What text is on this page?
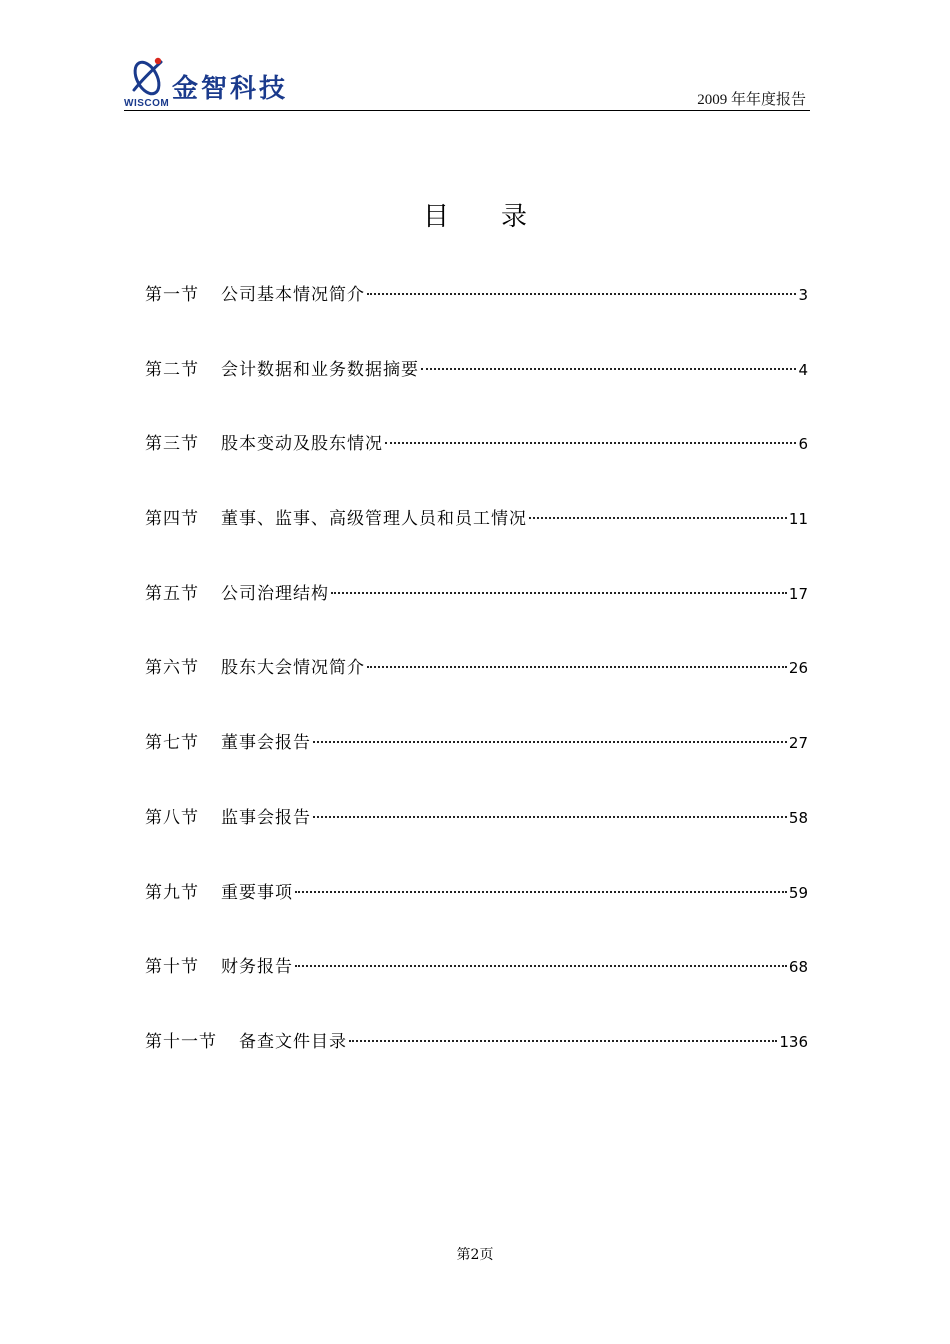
WISCOM 金智科技	2009 年年度报告
目录
第一节 公司基本情况简介	3
第二节 会计数据和业务数据摘要	4
第三节 股本变动及股东情况	6
第四节 董事、监事、高级管理人员和员工情况	11
第五节 公司治理结构	17
第六节 股东大会情况简介	26
第七节 董事会报告	27
第八节 监事会报告	58
第九节 重要事项	59
第十节 财务报告	68
第十一节 备查文件目录	136
第2页
